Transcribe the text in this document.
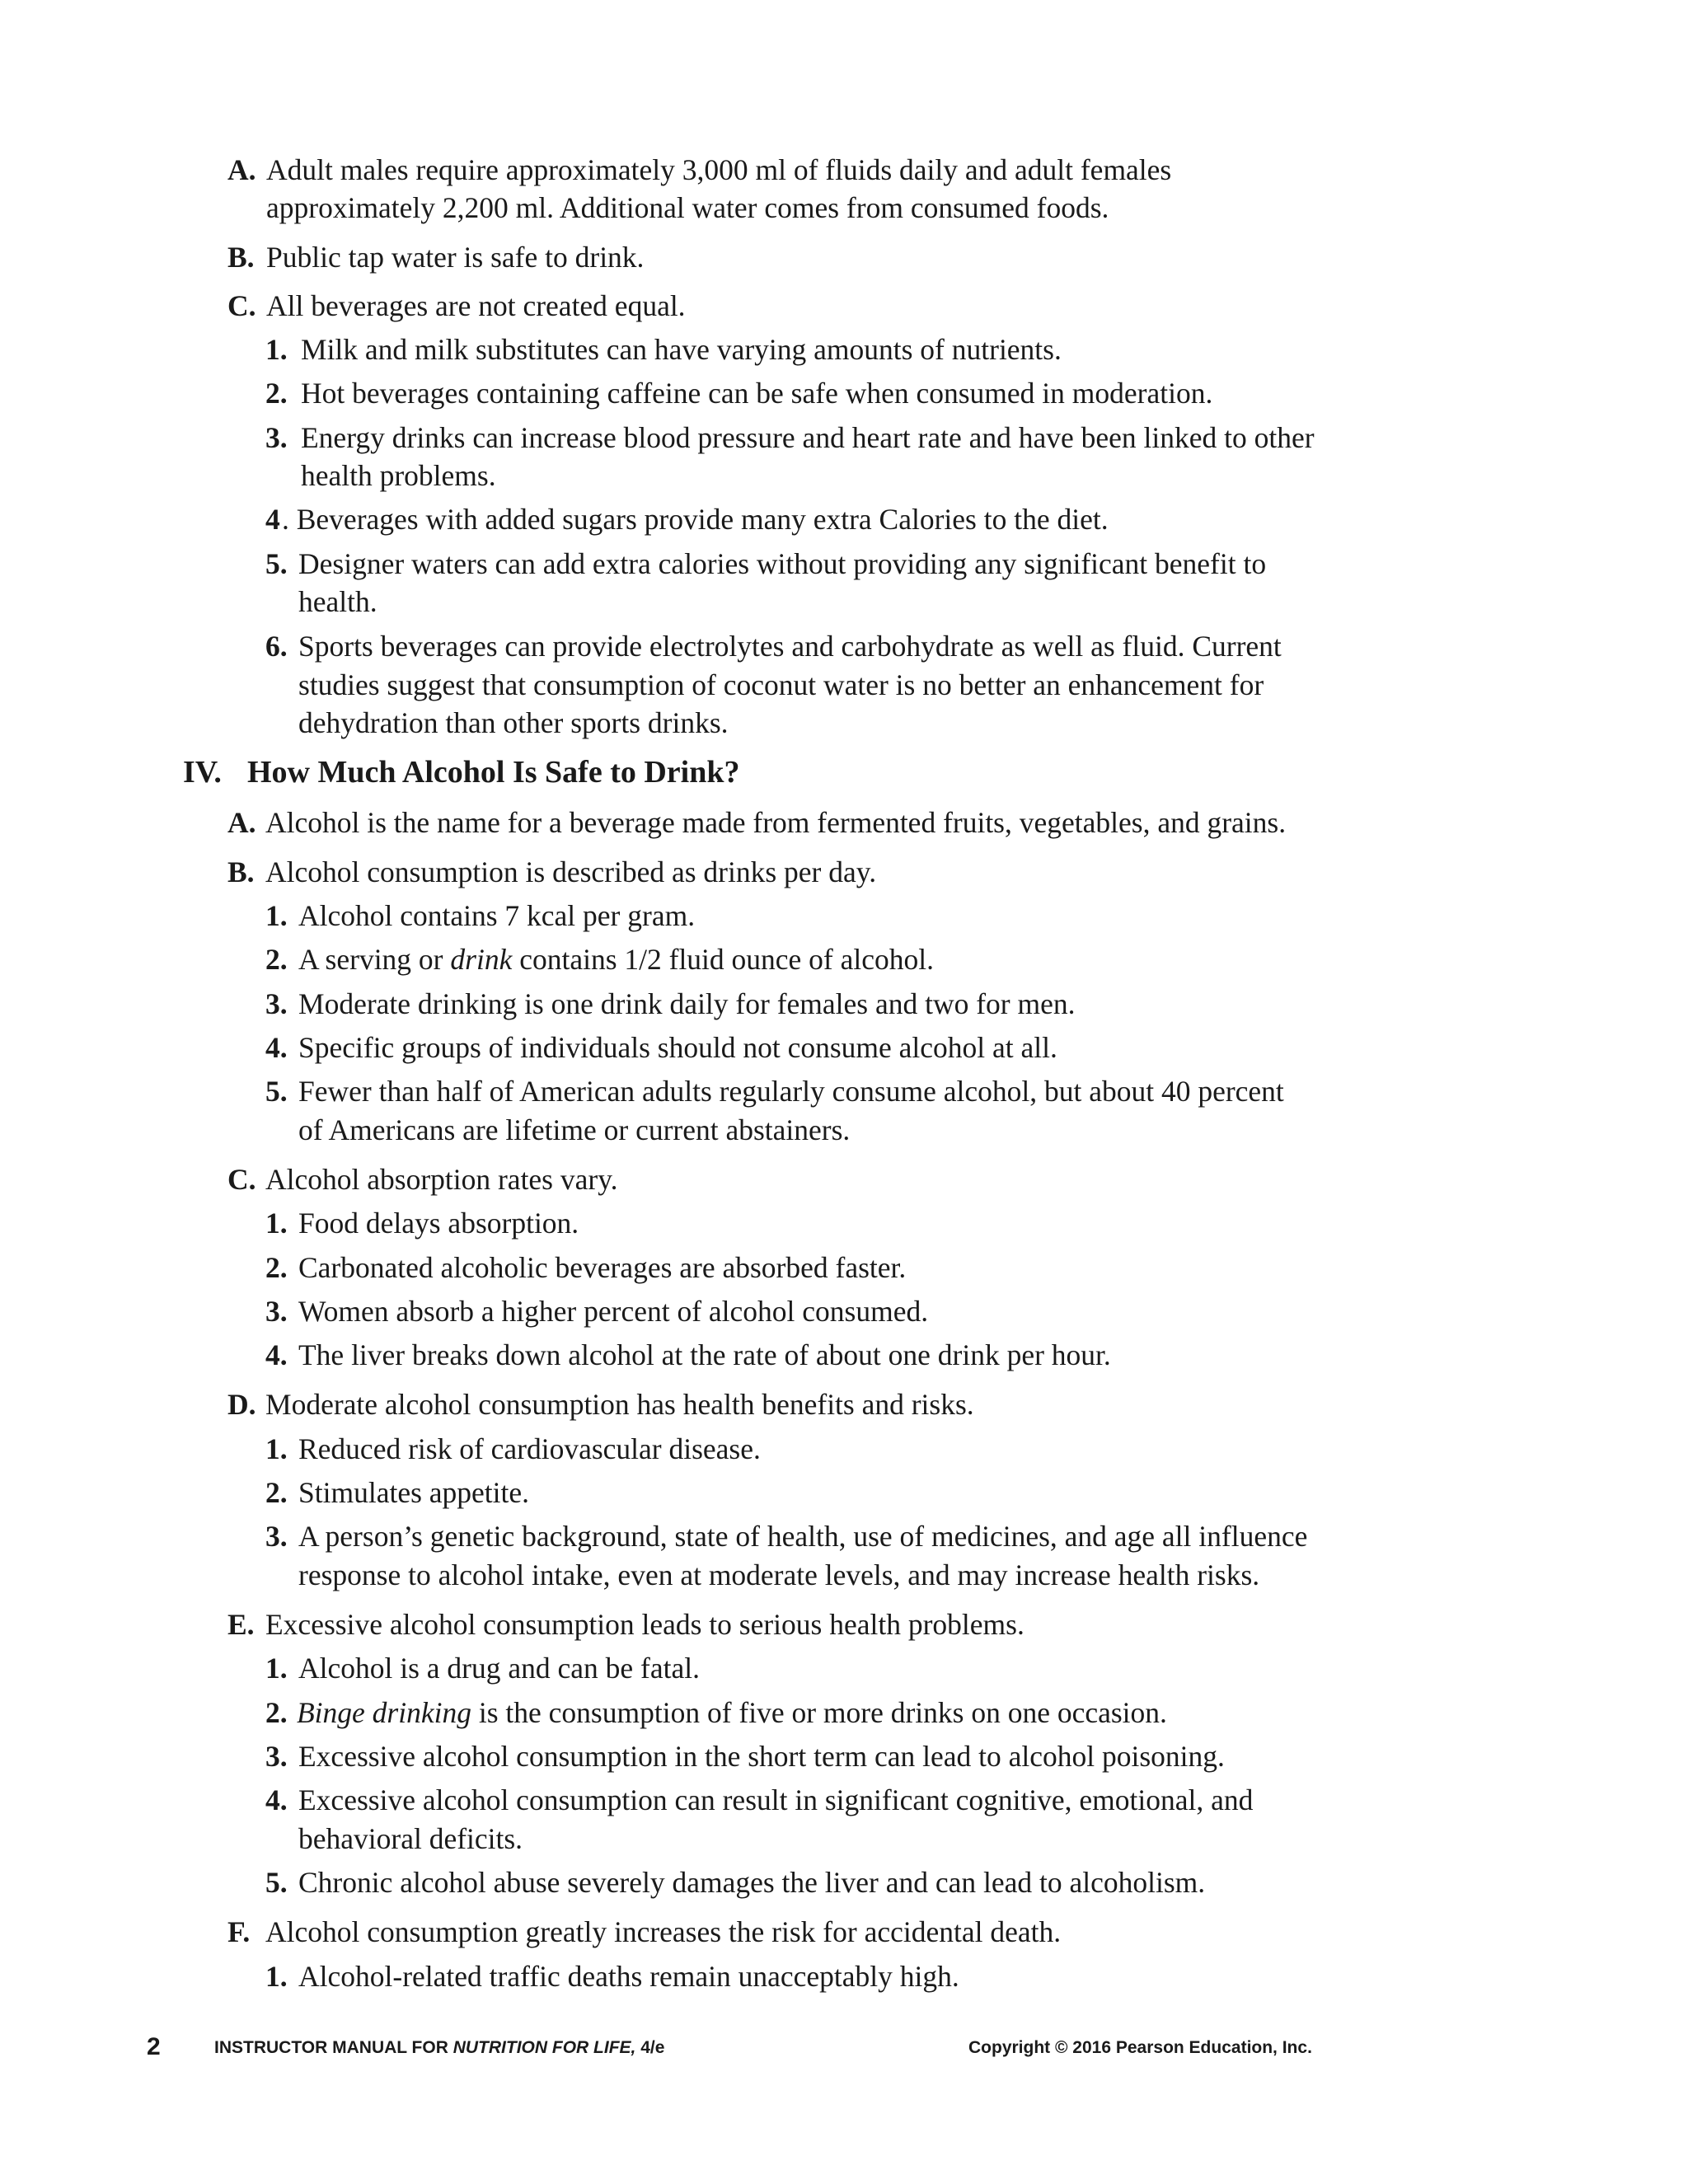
A. Adult males require approximately 3,000 ml of fluids daily and adult females
approximately 2,200 ml. Additional water comes from consumed foods.
B. Public tap water is safe to drink.
C. All beverages are not created equal.
1. Milk and milk substitutes can have varying amounts of nutrients.
2. Hot beverages containing caffeine can be safe when consumed in moderation.
3. Energy drinks can increase blood pressure and heart rate and have been linked to other
health problems.
4 . Beverages with added sugars provide many extra Calories to the diet.
5. Designer waters can add extra calories without providing any significant benefit to
health.
6. Sports beverages can provide electrolytes and carbohydrate as well as fluid. Current
studies suggest that consumption of coconut water is no better an enhancement for
dehydration than other sports drinks.
IV. How Much Alcohol Is Safe to Drink?
A. Alcohol is the name for a beverage made from fermented fruits, vegetables, and grains.
B. Alcohol consumption is described as drinks per day.
1. Alcohol contains 7 kcal per gram.
2. A serving or drink contains 1/2 fluid ounce of alcohol.
3. Moderate drinking is one drink daily for females and two for men.
4. Specific groups of individuals should not consume alcohol at all.
5. Fewer than half of American adults regularly consume alcohol, but about 40 percent
of Americans are lifetime or current abstainers.
C. Alcohol absorption rates vary.
1. Food delays absorption.
2. Carbonated alcoholic beverages are absorbed faster.
3. Women absorb a higher percent of alcohol consumed.
4. The liver breaks down alcohol at the rate of about one drink per hour.
D. Moderate alcohol consumption has health benefits and risks.
1. Reduced risk of cardiovascular disease.
2. Stimulates appetite.
3. A person’s genetic background, state of health, use of medicines, and age all influence
response to alcohol intake, even at moderate levels, and may increase health risks.
E. Excessive alcohol consumption leads to serious health problems.
1. Alcohol is a drug and can be fatal.
2. Binge drinking is the consumption of five or more drinks on one occasion.
3. Excessive alcohol consumption in the short term can lead to alcohol poisoning.
4. Excessive alcohol consumption can result in significant cognitive, emotional, and
behavioral deficits.
5. Chronic alcohol abuse severely damages the liver and can lead to alcoholism.
F. Alcohol consumption greatly increases the risk for accidental death.
1. Alcohol-related traffic deaths remain unacceptably high.
2	INSTRUCTOR MANUAL FOR NUTRITION FOR LIFE, 4/e	Copyright © 2016 Pearson Education, Inc.
